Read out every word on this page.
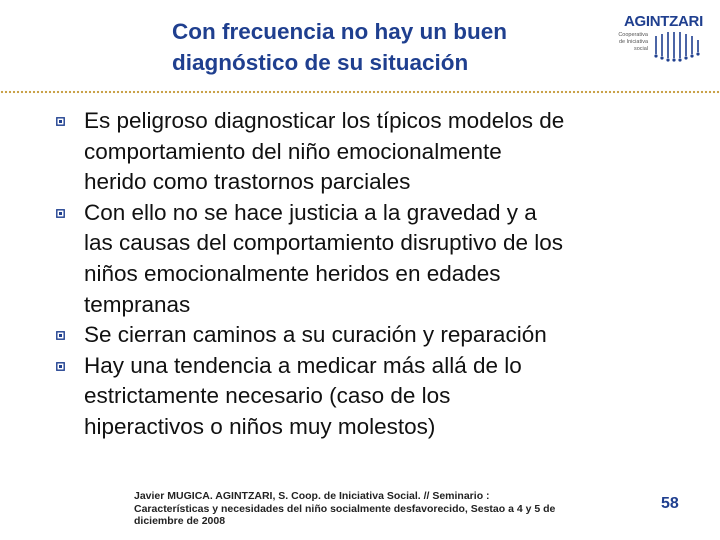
Con frecuencia no hay un buen
diagnóstico de su situación
AGINTZARI
Cooperativa
de Iniciativa
social
Es peligroso diagnosticar los típicos modelos de
comportamiento del niño emocionalmente
herido como trastornos parciales
Con ello no se hace justicia a la gravedad y a
las causas del comportamiento disruptivo de los
niños emocionalmente heridos en edades
tempranas
Se cierran caminos a su curación y reparación
Hay una tendencia a medicar más allá de lo
estrictamente necesario (caso de los
hiperactivos o niños muy molestos)
Javier MUGICA. AGINTZARI, S. Coop. de Iniciativa Social. // Seminario :
Características y necesidades del niño socialmente desfavorecido, Sestao a 4 y 5 de
diciembre de 2008
58
